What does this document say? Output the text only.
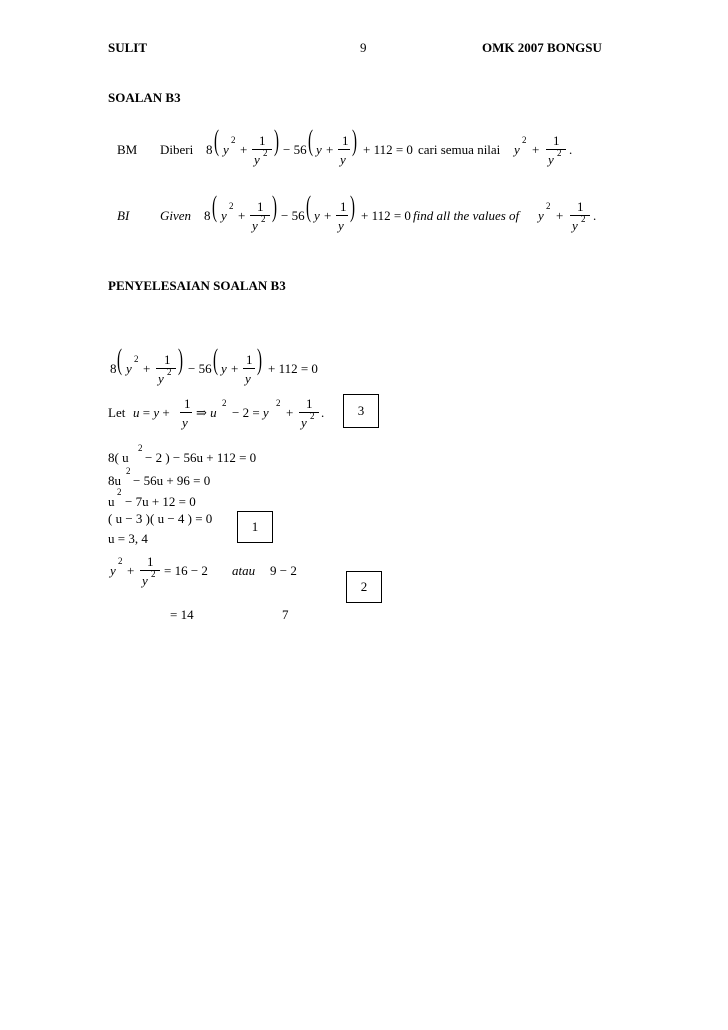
SULIT	9	OMK 2007 BONGSU
SOALAN B3
BM Diberi 8 ( y
2
+
1
y 2 ) − 56 ( y +
1
y
) + 112 = 0 cari semua nilai y
2
+
1
y 2 .
BI Given 8 ( y
2
+
1
y 2 ) − 56 ( y +
1
y
) + 112 = 0 find all the values of y
2
+
1
y 2 .
PENYELESAIAN SOALAN B3
8 ( y
2
+
1
y 2 ) − 56 ( y +
1
y
) + 112 = 0
Let u = y +
1
y
⇒ u
2
− 2 = y
2
+
1
y 2 .	3
8( u
2
− 2 ) − 56u + 112 = 0
8u
2
− 56u + 96 = 0
u
2
− 7u + 12 = 0
( u − 3 )( u − 4 ) = 0
1
u = 3, 4
y
2
+
1
y 2 = 16 − 2 atau 9 − 2
2
= 14	7
